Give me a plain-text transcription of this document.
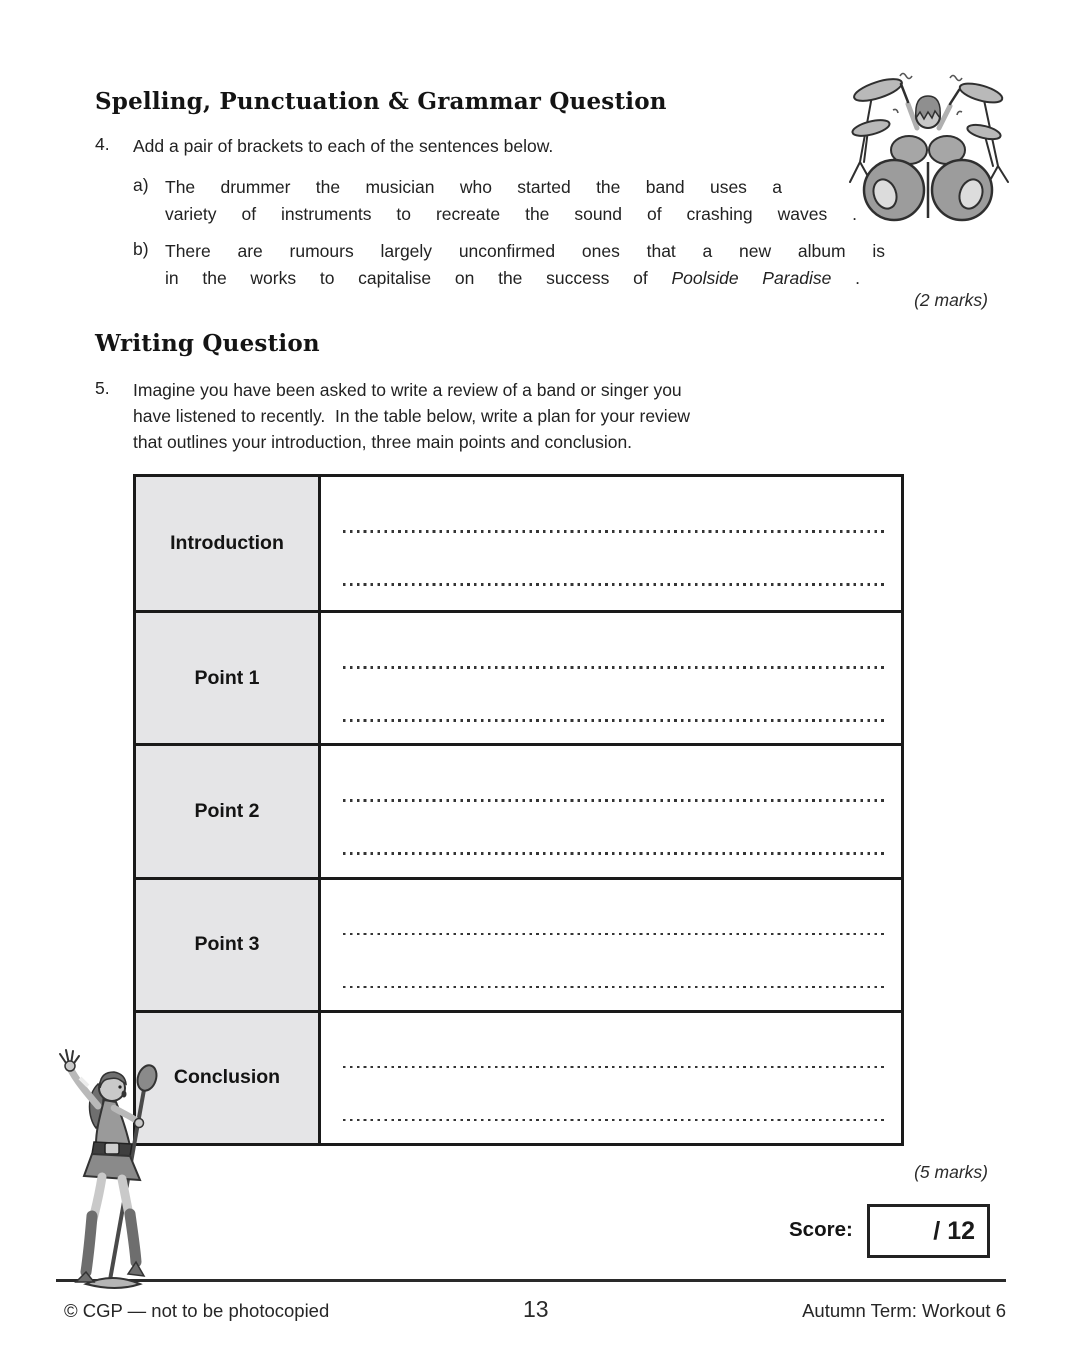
Spelling, Punctuation & Grammar Question
4. Add a pair of brackets to each of the sentences below.
a) The drummer the musician who started the band uses a
variety of instruments to recreate the sound of crashing waves .
b) There are rumours largely unconfirmed ones that a new album is
in the works to capitalise on the success of Poolside Paradise .
(2 marks)
Writing Question
5. Imagine you have been asked to write a review of a band or singer you
have listened to recently.  In the table below, write a plan for your review
that outlines your introduction, three main points and conclusion.
Introduction
Point 1
Point 2
Point 3
Conclusion
(5 marks)
Score:	/ 12
© CGP — not to be photocopied	13	Autumn Term: Workout 6
